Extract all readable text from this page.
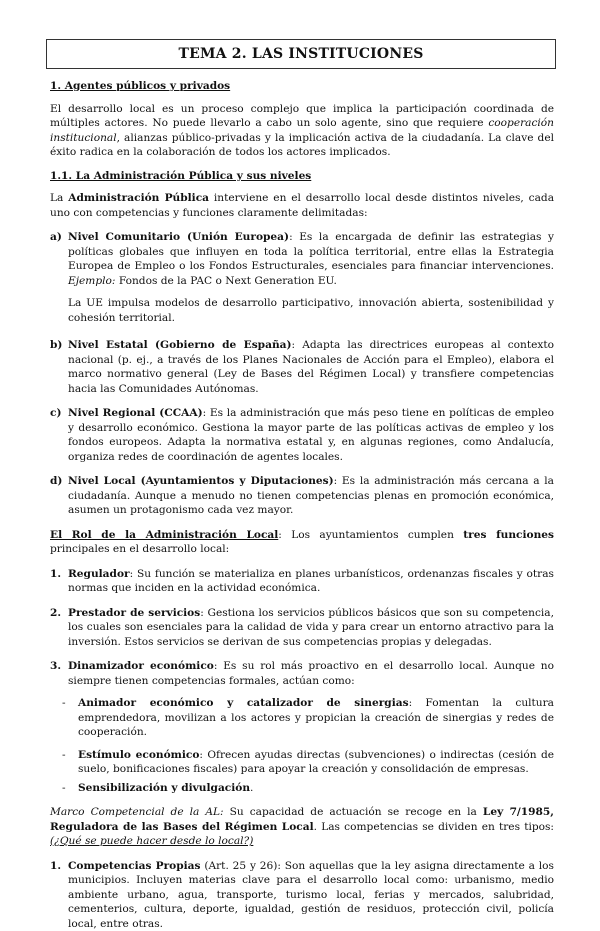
TEMA 2. LAS INSTITUCIONES
1. Agentes públicos y privados
El desarrollo local es un proceso complejo que implica la participación coordinada de múltiples actores. No puede llevarlo a cabo un solo agente, sino que requiere cooperación institucional, alianzas público-privadas y la implicación activa de la ciudadanía. La clave del éxito radica en la colaboración de todos los actores implicados.
1.1. La Administración Pública y sus niveles
La Administración Pública interviene en el desarrollo local desde distintos niveles, cada uno con competencias y funciones claramente delimitadas:
a) Nivel Comunitario (Unión Europea): Es la encargada de definir las estrategias y políticas globales que influyen en toda la política territorial, entre ellas la Estrategia Europea de Empleo o los Fondos Estructurales, esenciales para financiar intervenciones. Ejemplo: Fondos de la PAC o Next Generation EU.
La UE impulsa modelos de desarrollo participativo, innovación abierta, sostenibilidad y cohesión territorial.
b) Nivel Estatal (Gobierno de España): Adapta las directrices europeas al contexto nacional (p. ej., a través de los Planes Nacionales de Acción para el Empleo), elabora el marco normativo general (Ley de Bases del Régimen Local) y transfiere competencias hacia las Comunidades Autónomas.
c) Nivel Regional (CCAA): Es la administración que más peso tiene en políticas de empleo y desarrollo económico. Gestiona la mayor parte de las políticas activas de empleo y los fondos europeos. Adapta la normativa estatal y, en algunas regiones, como Andalucía, organiza redes de coordinación de agentes locales.
d) Nivel Local (Ayuntamientos y Diputaciones): Es la administración más cercana a la ciudadanía. Aunque a menudo no tienen competencias plenas en promoción económica, asumen un protagonismo cada vez mayor.
El Rol de la Administración Local: Los ayuntamientos cumplen tres funciones principales en el desarrollo local:
1. Regulador: Su función se materializa en planes urbanísticos, ordenanzas fiscales y otras normas que inciden en la actividad económica.
2. Prestador de servicios: Gestiona los servicios públicos básicos que son su competencia, los cuales son esenciales para la calidad de vida y para crear un entorno atractivo para la inversión. Estos servicios se derivan de sus competencias propias y delegadas.
3. Dinamizador económico: Es su rol más proactivo en el desarrollo local. Aunque no siempre tienen competencias formales, actúan como:
- Animador económico y catalizador de sinergias: Fomentan la cultura emprendedora, movilizan a los actores y propician la creación de sinergias y redes de cooperación.
- Estímulo económico: Ofrecen ayudas directas (subvenciones) o indirectas (cesión de suelo, bonificaciones fiscales) para apoyar la creación y consolidación de empresas.
- Sensibilización y divulgación.
Marco Competencial de la AL: Su capacidad de actuación se recoge en la Ley 7/1985, Reguladora de las Bases del Régimen Local. Las competencias se dividen en tres tipos: (¿Qué se puede hacer desde lo local?)
1. Competencias Propias (Art. 25 y 26): Son aquellas que la ley asigna directamente a los municipios. Incluyen materias clave para el desarrollo local como: urbanismo, medio ambiente urbano, agua, transporte, turismo local, ferias y mercados, salubridad, cementerios, cultura, deporte, igualdad, gestión de residuos, protección civil, policía local, entre otras.
